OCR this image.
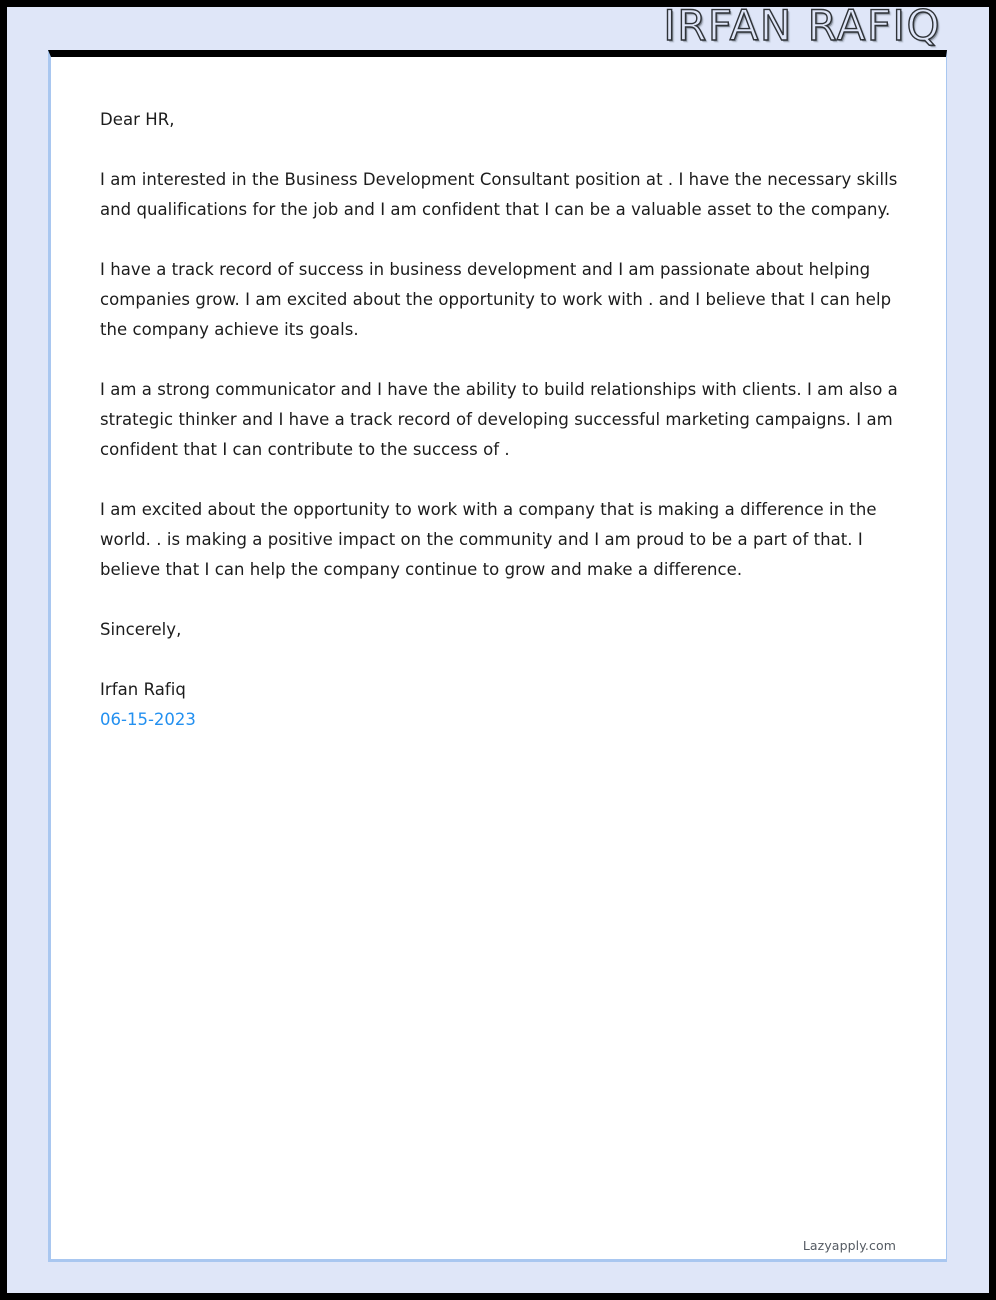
IRFAN RAFIQ
Dear HR,
I am interested in the Business Development Consultant position at . I have the necessary skills and qualifications for the job and I am confident that I can be a valuable asset to the company.
I have a track record of success in business development and I am passionate about helping companies grow. I am excited about the opportunity to work with . and I believe that I can help the company achieve its goals.
I am a strong communicator and I have the ability to build relationships with clients. I am also a strategic thinker and I have a track record of developing successful marketing campaigns. I am confident that I can contribute to the success of .
I am excited about the opportunity to work with a company that is making a difference in the world. . is making a positive impact on the community and I am proud to be a part of that. I believe that I can help the company continue to grow and make a difference.
Sincerely,
Irfan Rafiq
06-15-2023
Lazyapply.com
